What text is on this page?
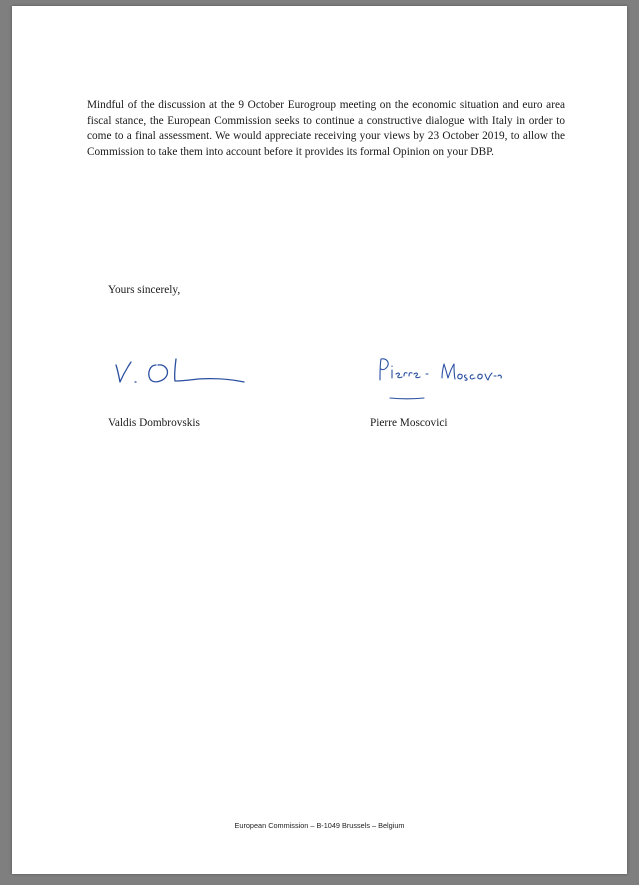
Mindful of the discussion at the 9 October Eurogroup meeting on the economic situation and euro area fiscal stance, the European Commission seeks to continue a constructive dialogue with Italy in order to come to a final assessment. We would appreciate receiving your views by 23 October 2019, to allow the Commission to take them into account before it provides its formal Opinion on your DBP.

Yours sincerely,
Valdis Dombrovskis	Pierre Moscovici
European Commission – B-1049 Brussels – Belgium
